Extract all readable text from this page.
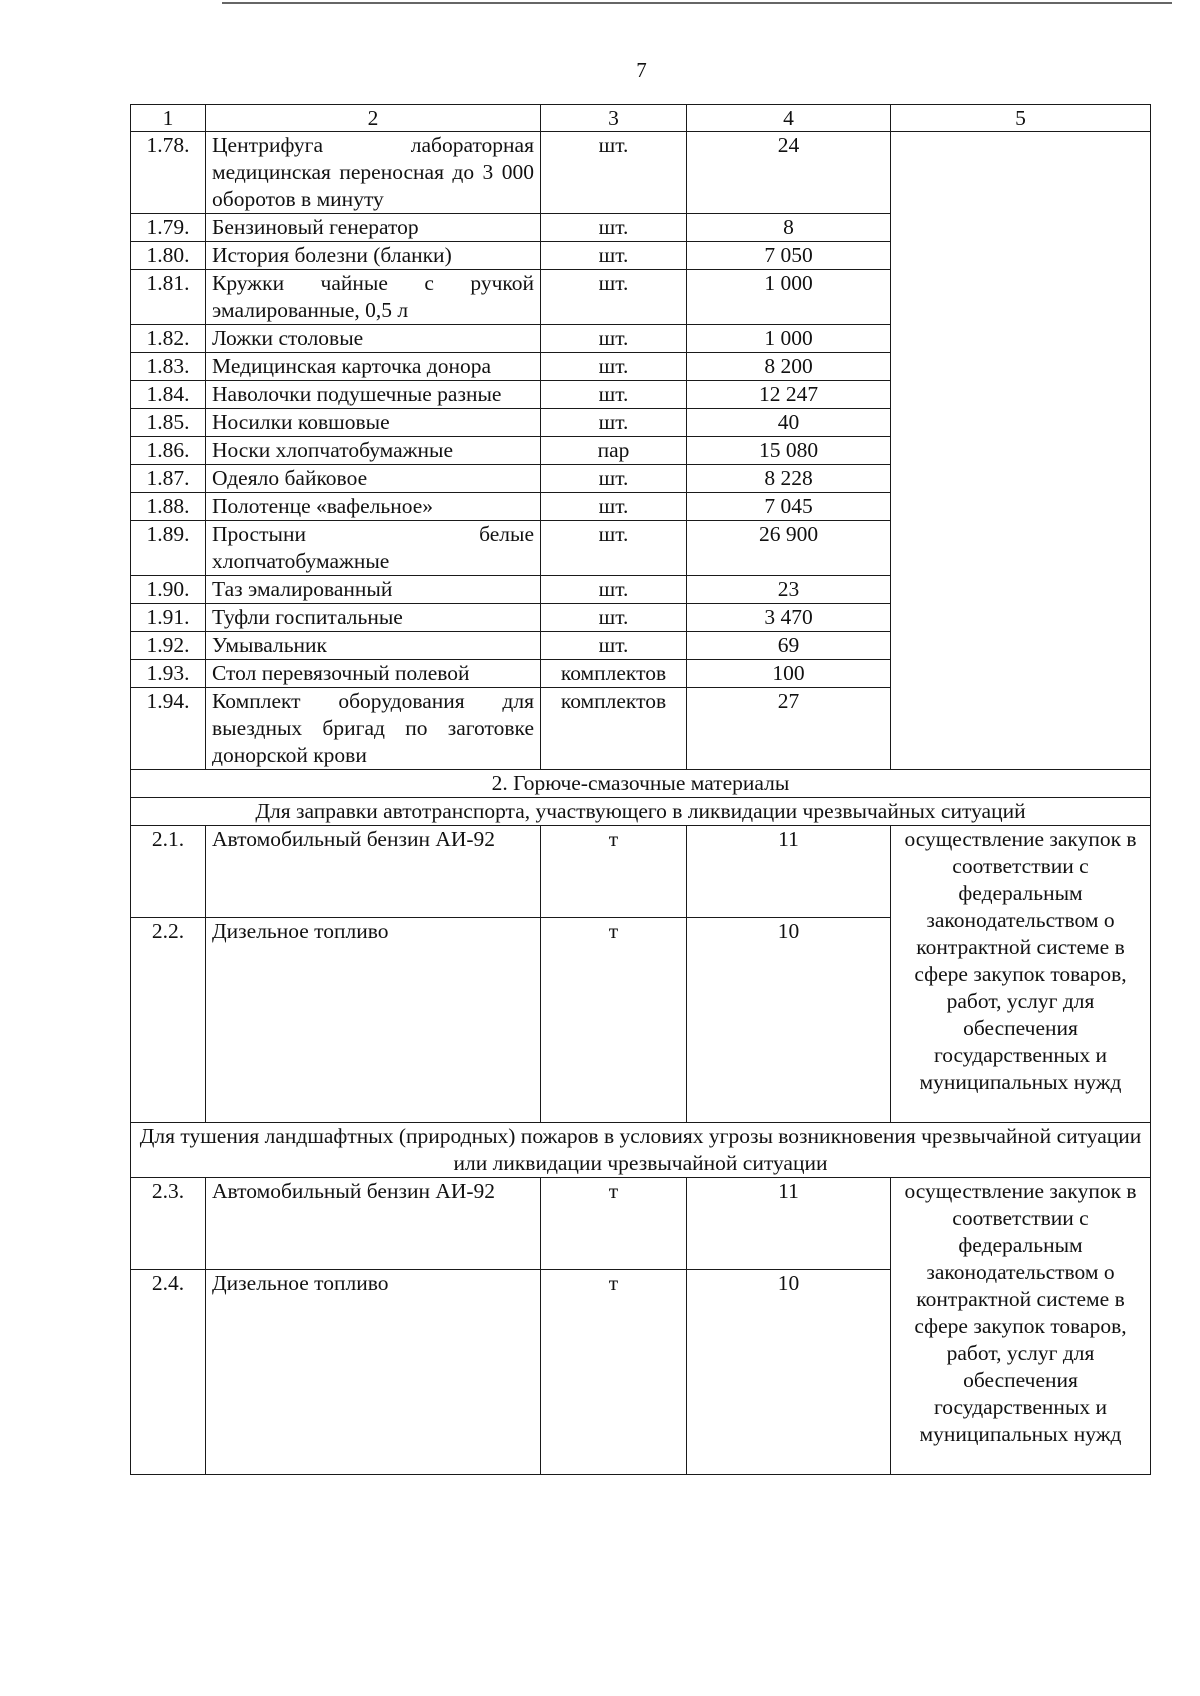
7
1	2	3	4	5
1.78.	Центрифуга лабораторная медицинская переносная до 3 000 оборотов в минуту	шт.	24	
1.79.	Бензиновый генератор	шт.	8	
1.80.	История болезни (бланки)	шт.	7 050	
1.81.	Кружки чайные с ручкой эмалированные, 0,5 л	шт.	1 000	
1.82.	Ложки столовые	шт.	1 000	
1.83.	Медицинская карточка донора	шт.	8 200	
1.84.	Наволочки подушечные разные	шт.	12 247	
1.85.	Носилки ковшовые	шт.	40	
1.86.	Носки хлопчатобумажные	пар	15 080	
1.87.	Одеяло байковое	шт.	8 228	
1.88.	Полотенце «вафельное»	шт.	7 045	
1.89.	Простыни белые хлопчатобумажные	шт.	26 900	
1.90.	Таз эмалированный	шт.	23	
1.91.	Туфли госпитальные	шт.	3 470	
1.92.	Умывальник	шт.	69	
1.93.	Стол перевязочный полевой	комплектов	100	
1.94.	Комплект оборудования для выездных бригад по заготовке донорской крови	комплектов	27	
2. Горюче-смазочные материалы				
Для заправки автотранспорта, участвующего в ликвидации чрезвычайных ситуаций				
2.1.	Автомобильный бензин АИ-92	т	11	осуществление закупок в соответствии с федеральным законодательством о контрактной системе в сфере закупок товаров, работ, услуг для обеспечения государственных и муниципальных нужд
2.2.	Дизельное топливо	т	10	
Для тушения ландшафтных (природных) пожаров в условиях угрозы возникновения чрезвычайной ситуации или ликвидации чрезвычайной ситуации				
2.3.	Автомобильный бензин АИ-92	т	11	осуществление закупок в соответствии с федеральным законодательством о контрактной системе в сфере закупок товаров, работ, услуг для обеспечения государственных и муниципальных нужд
2.4.	Дизельное топливо	т	10	
